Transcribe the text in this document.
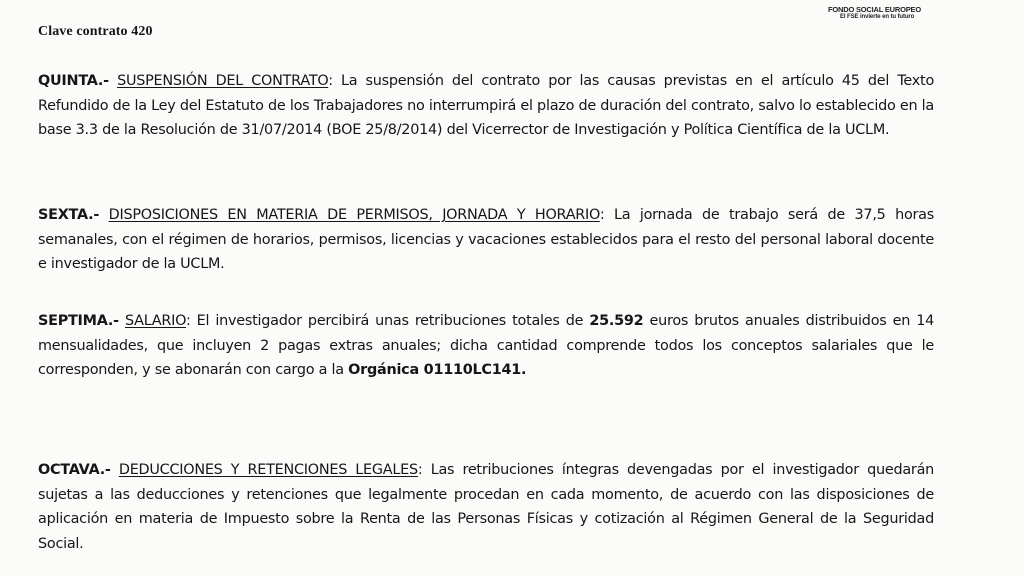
Clave contrato 420
FONDO SOCIAL EUROPEO
El FSE invierte en tu futuro

QUINTA.- SUSPENSIÓN DEL CONTRATO: La suspensión del contrato por las causas previstas en el artículo 45 del Texto Refundido de la Ley del Estatuto de los Trabajadores no interrumpirá el plazo de duración del contrato, salvo lo establecido en la base 3.3 de la Resolución de 31/07/2014 (BOE 25/8/2014) del Vicerrector de Investigación y Política Científica de la UCLM.

SEXTA.- DISPOSICIONES EN MATERIA DE PERMISOS, JORNADA Y HORARIO: La jornada de trabajo será de 37,5 horas semanales, con el régimen de horarios, permisos, licencias y vacaciones establecidos para el resto del personal laboral docente e investigador de la UCLM.

SEPTIMA.- SALARIO: El investigador percibirá unas retribuciones totales de 25.592 euros brutos anuales distribuidos en 14 mensualidades, que incluyen 2 pagas extras anuales; dicha cantidad comprende todos los conceptos salariales que le corresponden, y se abonarán con cargo a la Orgánica 01110LC141.

OCTAVA.- DEDUCCIONES Y RETENCIONES LEGALES: Las retribuciones íntegras devengadas por el investigador quedarán sujetas a las deducciones y retenciones que legalmente procedan en cada momento, de acuerdo con las disposiciones de aplicación en materia de Impuesto sobre la Renta de las Personas Físicas y cotización al Régimen General de la Seguridad Social.
